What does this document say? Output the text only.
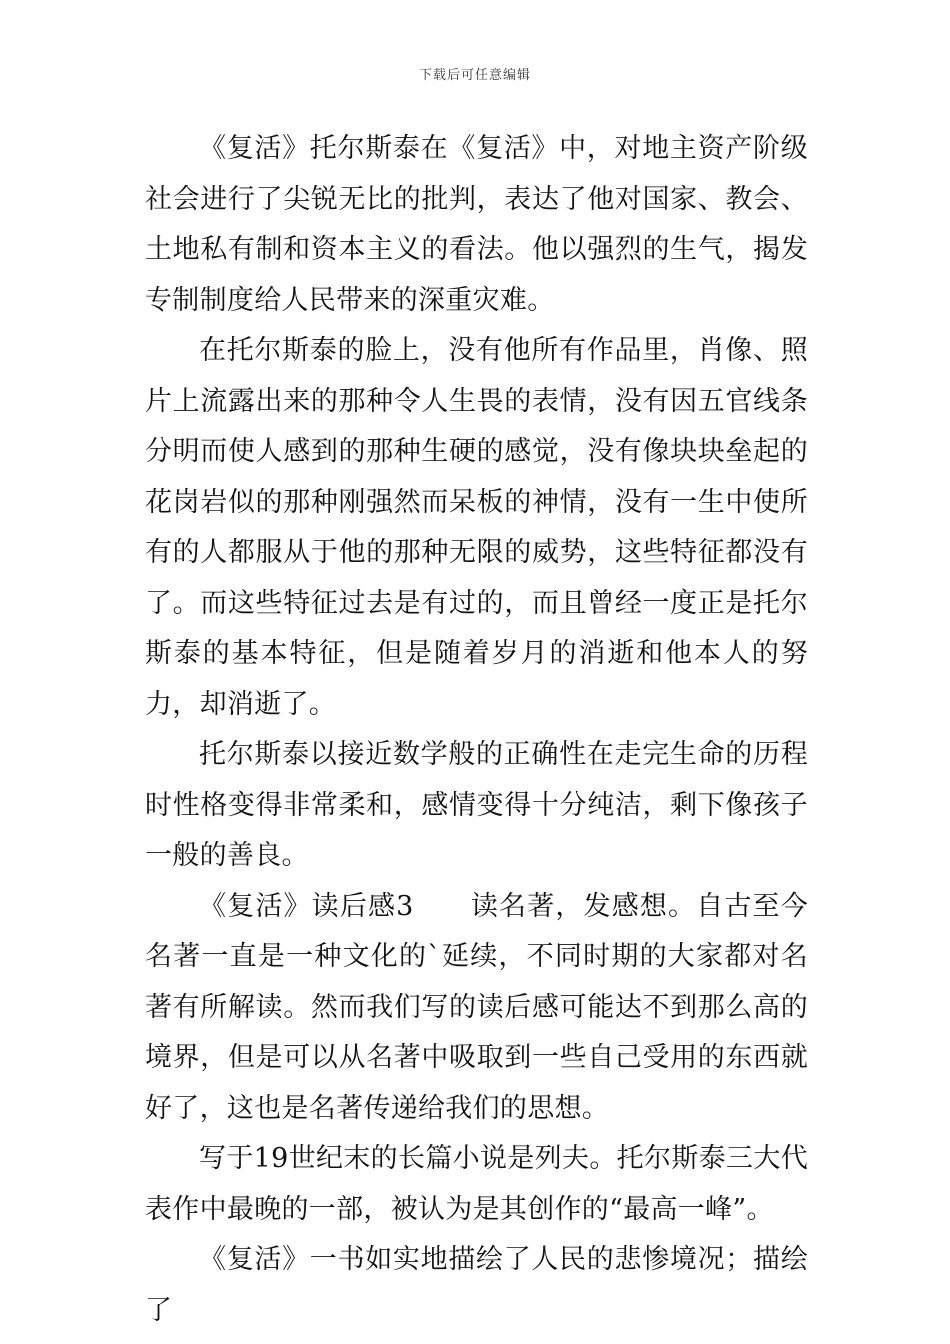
下载后可任意编辑

《复活》托尔斯泰在《复活》中，对地主资产阶级社会进行了尖锐无比的批判，表达了他对国家、教会、土地私有制和资本主义的看法。他以强烈的生气，揭发专制制度给人民带来的深重灾难。

在托尔斯泰的脸上，没有他所有作品里，肖像、照片上流露出来的那种令人生畏的表情，没有因五官线条分明而使人感到的那种生硬的感觉，没有像块块垒起的花岗岩似的那种刚强然而呆板的神情，没有一生中使所有的人都服从于他的那种无限的威势，这些特征都没有了。而这些特征过去是有过的，而且曾经一度正是托尔斯泰的基本特征，但是随着岁月的消逝和他本人的努力，却消逝了。

托尔斯泰以接近数学般的正确性在走完生命的历程时性格变得非常柔和，感情变得十分纯洁，剩下像孩子一般的善良。

《复活》读后感3　　读名著，发感想。自古至今名著一直是一种文化的`延续，不同时期的大家都对名著有所解读。然而我们写的读后感可能达不到那么高的境界，但是可以从名著中吸取到一些自己受用的东西就好了，这也是名著传递给我们的思想。

写于19世纪末的长篇小说是列夫。托尔斯泰三大代表作中最晚的一部，被认为是其创作的“最高一峰”。

《复活》一书如实地描绘了人民的悲惨境况；描绘了
